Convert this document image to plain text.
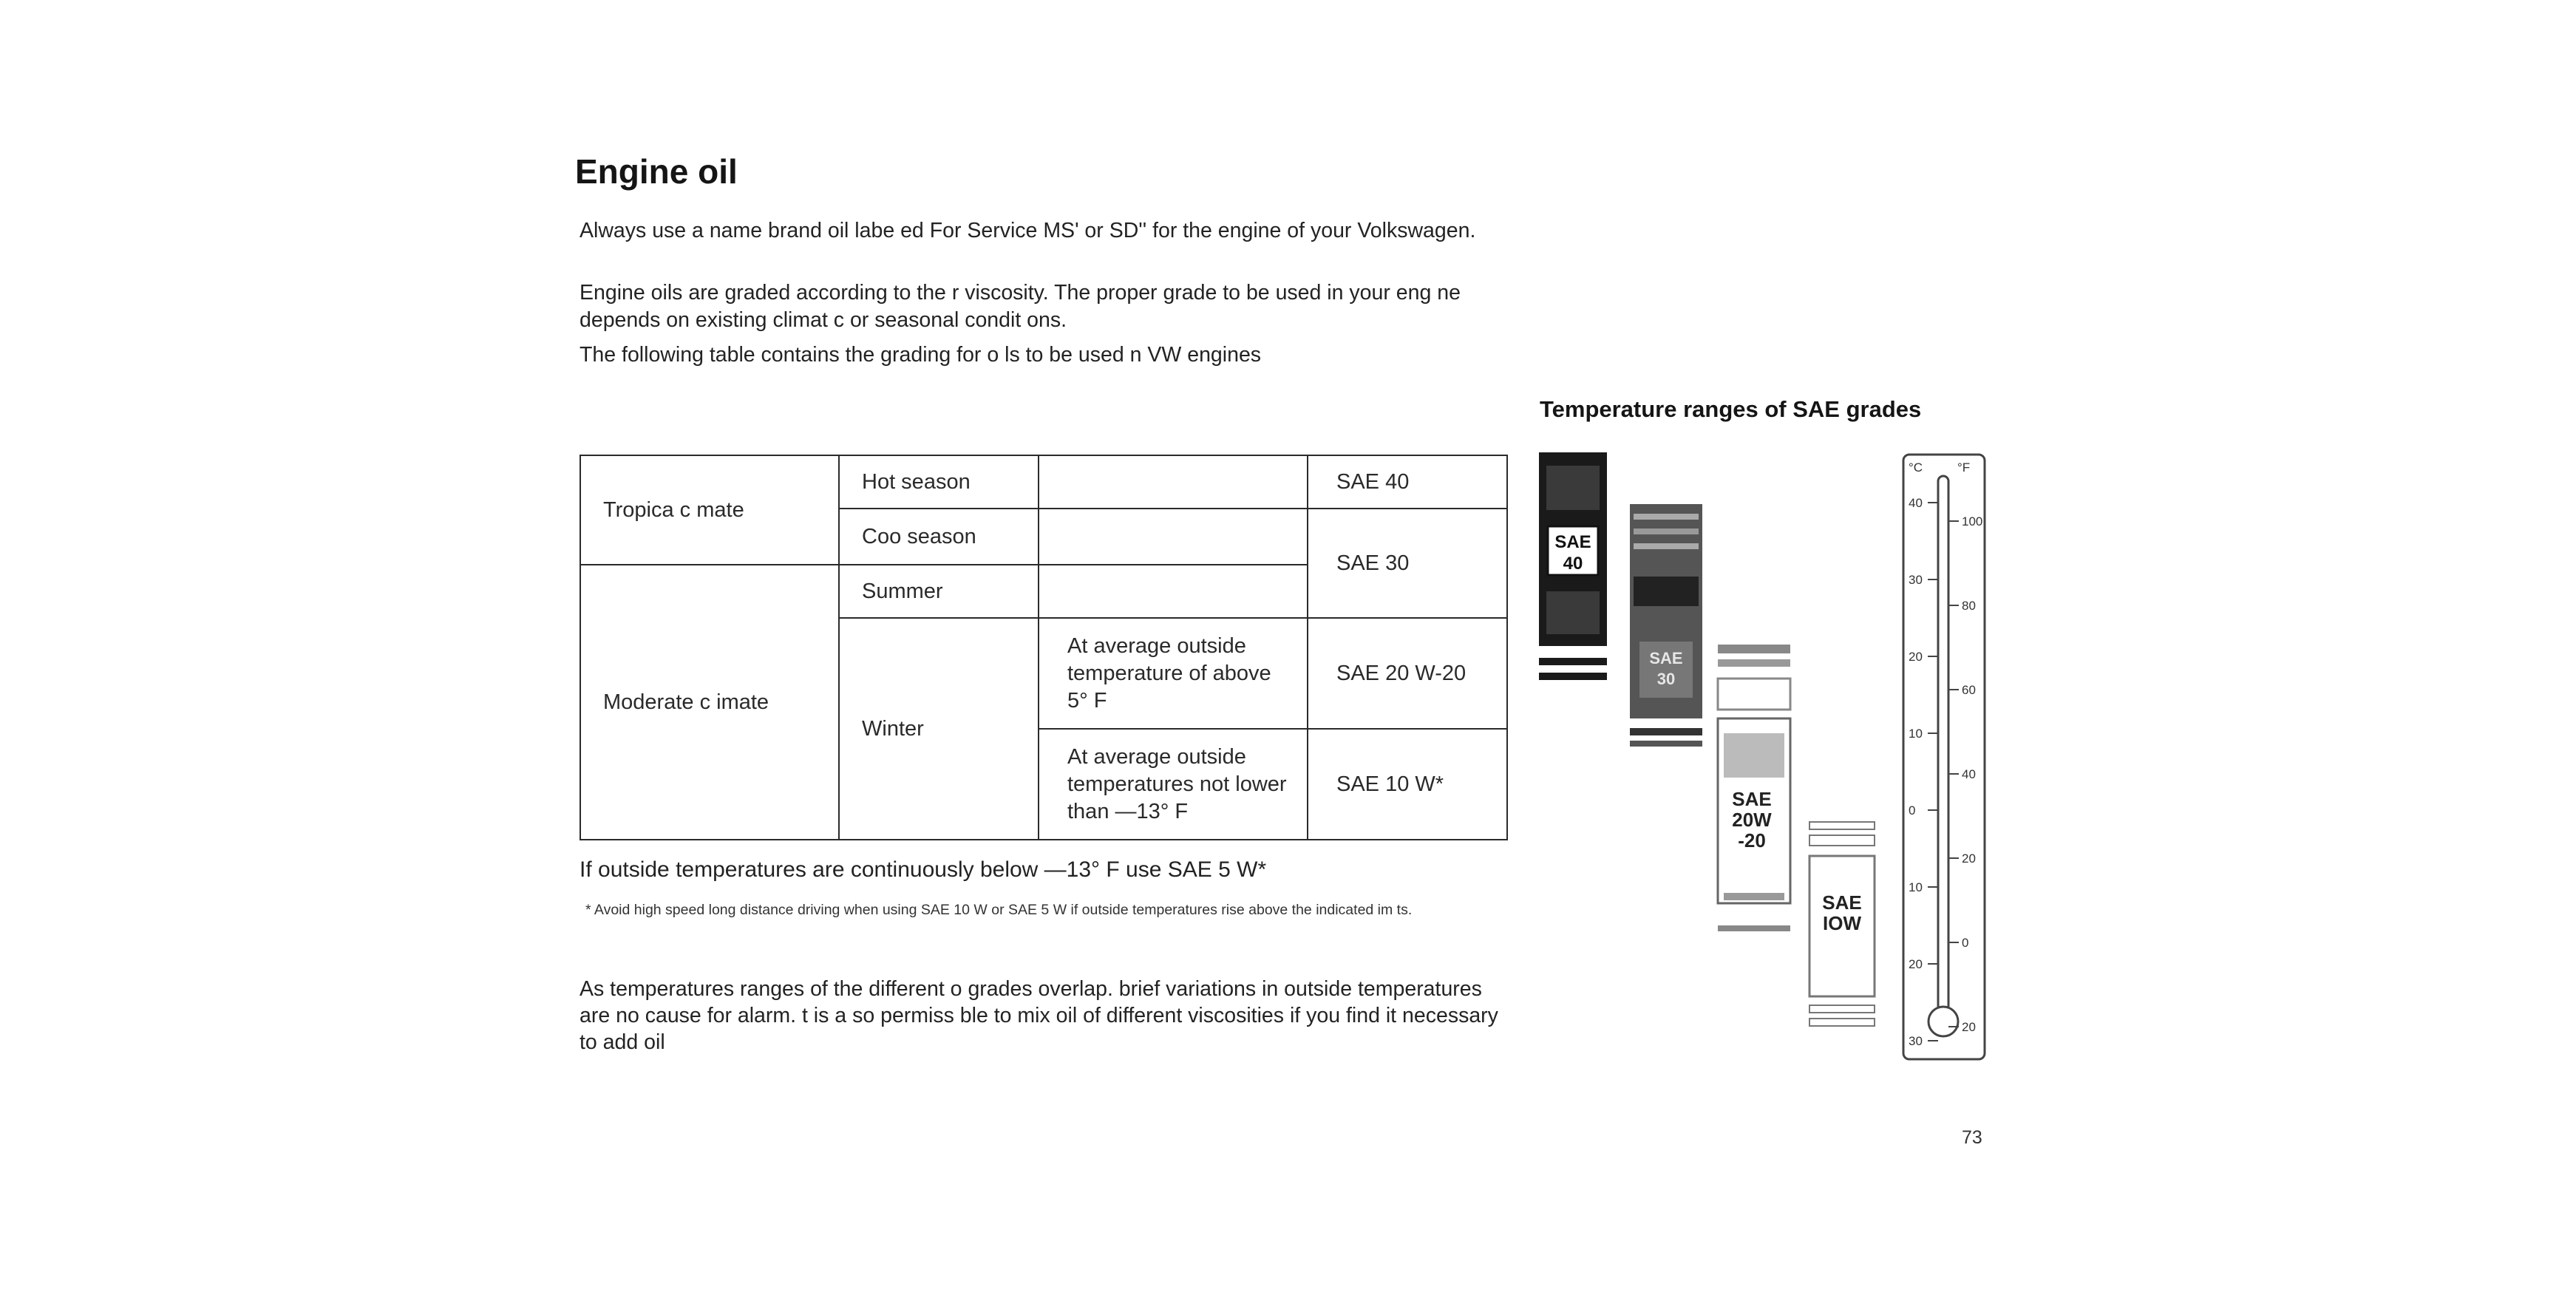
Engine oil

Always use a name brand oil labe ed For Service MS' or SD'' for the engine of your Volkswagen.

Engine oils are graded according to the r viscosity. The proper grade to be used in your eng ne depends on existing climat c or seasonal condit ons.

The following table contains the grading for o ls to be used n VW engines

Tropica c mate	Hot season		SAE 40
	Coo season		SAE 30
Moderate c imate	Summer		
	Winter	At average outside temperature of above 5° F	SAE 20 W-20
		At average outside temperatures not lower than —13° F	SAE 10 W*

If outside temperatures are continuously below —13° F use SAE 5 W*

* Avoid high speed long distance driving when using SAE 10 W or SAE 5 W if outside temperatures rise above the indicated im ts.

As temperatures ranges of the different o grades overlap. brief variations in outside temperatures are no cause for alarm. t is a so permiss ble to mix oil of different viscosities if you find it necessary to add oil

73

Temperature ranges of SAE grades

SAE
40
SAE
30
SAE
20W
-20
SAE
IOW
°C	°F
40
30
20
10
0
10
20
30
100
80
60
40
20
0
20
